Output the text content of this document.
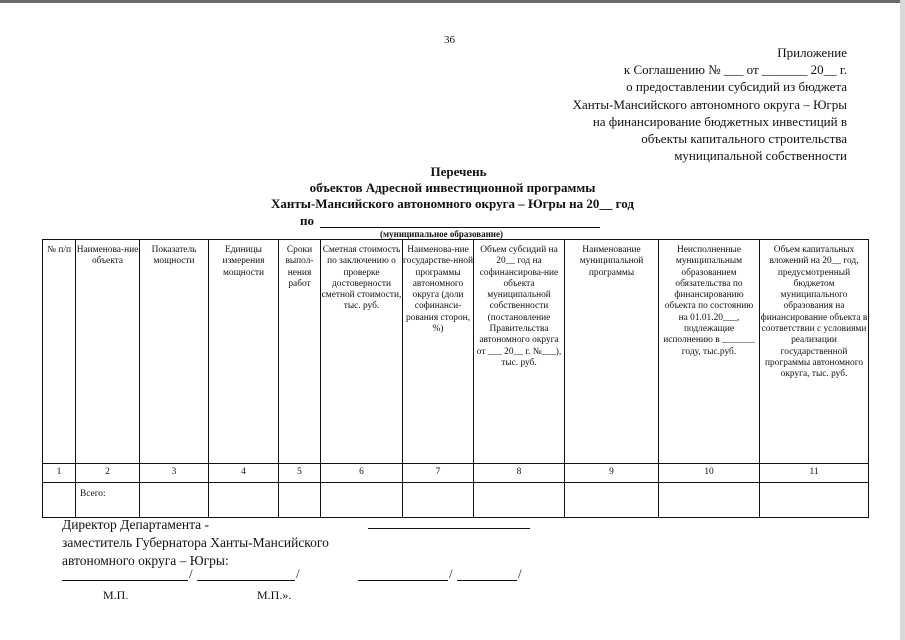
36
Приложение
к Соглашению № ___ от _______ 20__ г.
о предоставлении субсидий из бюджета
Ханты-Мансийского автономного округа – Югры
на финансирование бюджетных инвестиций в
объекты капитального строительства
муниципальной собственности
Перечень
объектов Адресной инвестиционной программы
Ханты-Мансийского автономного округа – Югры на 20__ год
по
(муниципальное образование)
№ п/п	Наименова-ние объекта	Показатель мощности	Единицы измерения мощности	Сроки выпол-нения работ	Сметная стоимость по заключению о проверке достоверности сметной стоимости, тыс. руб.	Наименова-ние государстве-нной программы автономного округа (доли софинанси-рования сторон, %)	Объем субсидий на 20__ год на софинансирова-ние объекта муниципальной собственности (постановление Правительства автономного округа от ___ 20__ г. №___), тыс. руб.	Наименование муниципальной программы	Неисполненные муниципальным образованием обязательства по финансированию объекта по состоянию на 01.01.20___, подлежащие исполнению в _______ году, тыс.руб.	Объем капитальных вложений на 20__ год, предусмотренный бюджетом муниципального образования на финансирование объекта в соответствии с условиями реализации государственной программы автономного округа, тыс. руб.
1	2	3	4	5	6	7	8	9	10	11
	Всего:									
Директор Департамента -
заместитель Губернатора Ханты-Мансийского
автономного округа – Югры:
/	/	/	/
М.П.	М.П.».
